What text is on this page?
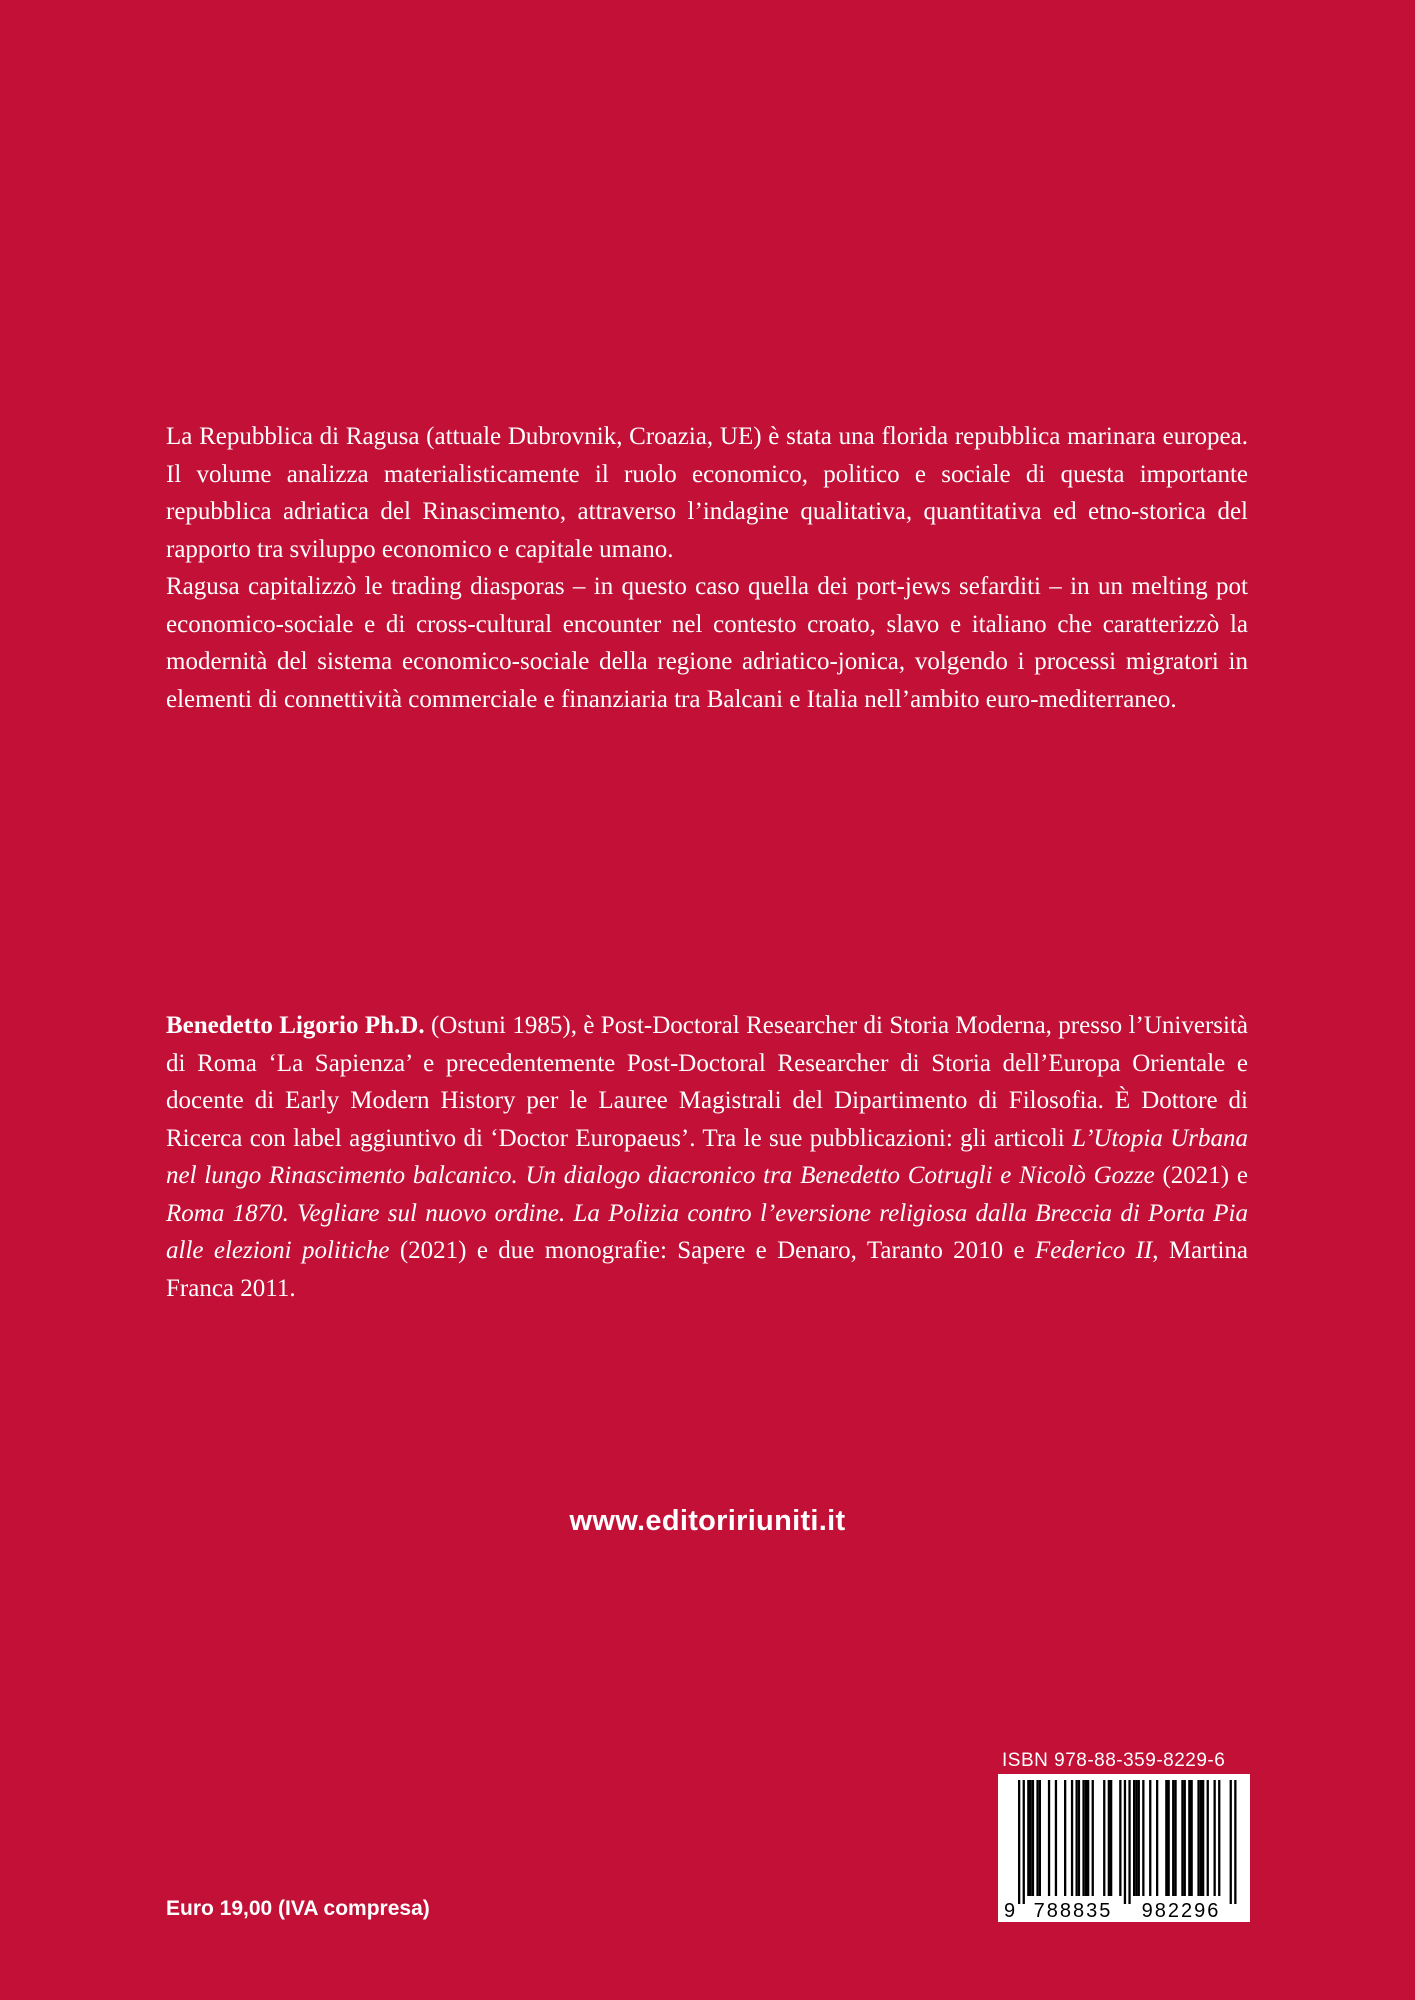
La Repubblica di Ragusa (attuale Dubrovnik, Croazia, UE) è stata una florida repubblica marinara europea. Il volume analizza materialisticamente il ruolo economico, politico e sociale di questa importante repubblica adriatica del Rinascimento, attraverso l’indagine qualitativa, quantitativa ed etno-storica del rapporto tra sviluppo economico e capitale umano.

Ragusa capitalizzò le trading diasporas – in questo caso quella dei port-jews sefarditi – in un melting pot economico-sociale e di cross-cultural encounter nel contesto croato, slavo e italiano che caratterizzò la modernità del sistema economico-sociale della regione adriatico-jonica, volgendo i processi migratori in elementi di connettività commerciale e finanziaria tra Balcani e Italia nell’ambito euro-mediterraneo.

Benedetto Ligorio Ph.D. (Ostuni 1985), è Post-Doctoral Researcher di Storia Moderna, presso l’Università di Roma ‘La Sapienza’ e precedentemente Post-Doctoral Researcher di Storia dell’Europa Orientale e docente di Early Modern History per le Lauree Magistrali del Dipartimento di Filosofia. È Dottore di Ricerca con label aggiuntivo di ‘Doctor Europaeus’. Tra le sue pubblicazioni: gli articoli L’Utopia Urbana nel lungo Rinascimento balcanico. Un dialogo diacronico tra Benedetto Cotrugli e Nicolò Gozze (2021) e Roma 1870. Vegliare sul nuovo ordine. La Polizia contro l’eversione religiosa dalla Breccia di Porta Pia alle elezioni politiche (2021) e due monografie: Sapere e Denaro, Taranto 2010 e Federico II, Martina Franca 2011.

www.editoririuniti.it
ISBN 978-88-359-8229-6
9 788835 982296
Euro 19,00 (IVA compresa)
